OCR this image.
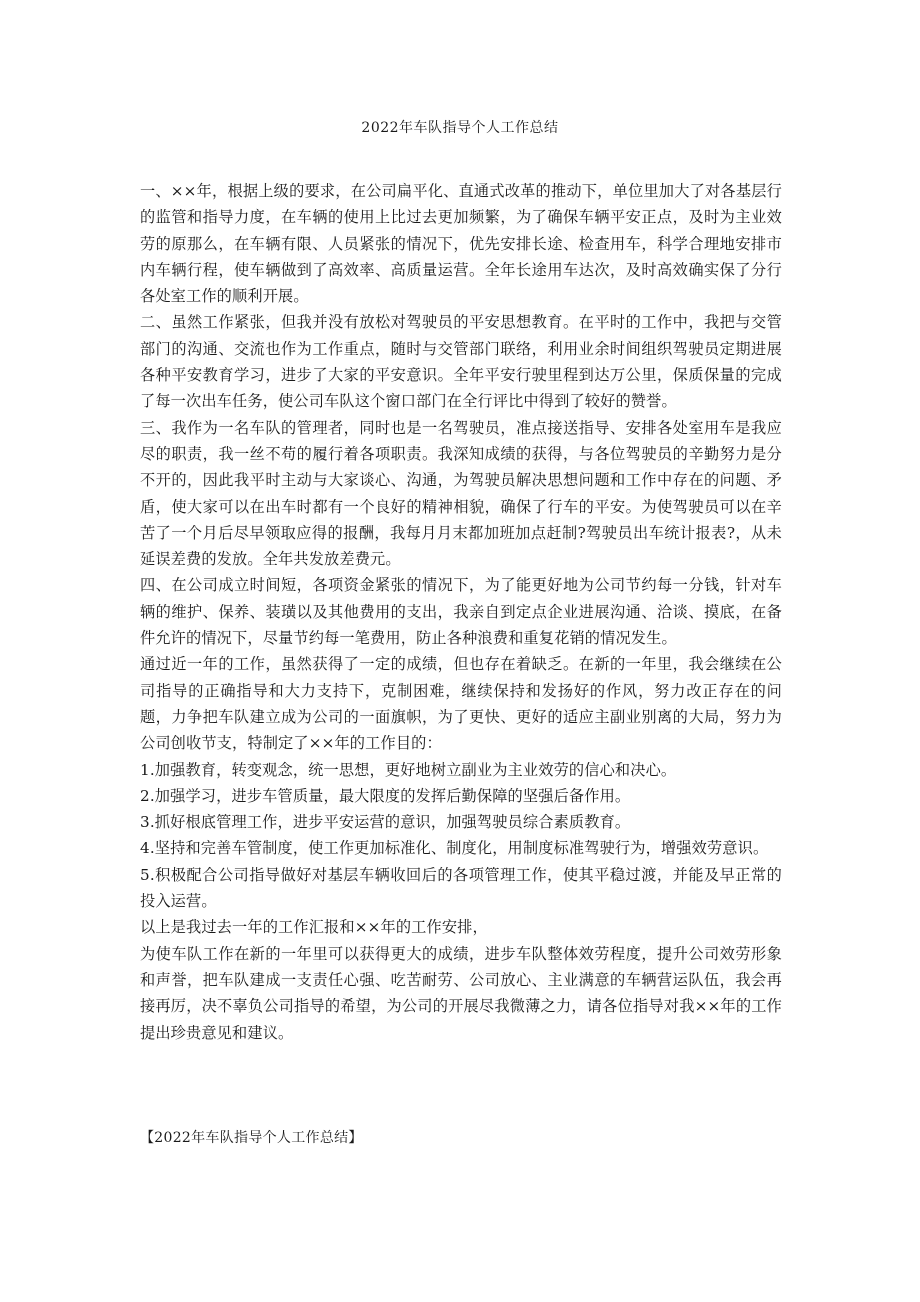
2022年车队指导个人工作总结

一、××年，根据上级的要求，在公司扁平化、直通式改革的推动下，单位里加大了对各基层行的监管和指导力度，在车辆的使用上比过去更加频繁，为了确保车辆平安正点，及时为主业效劳的原那么，在车辆有限、人员紧张的情况下，优先安排长途、检查用车，科学合理地安排市内车辆行程，使车辆做到了高效率、高质量运营。全年长途用车达次，及时高效确实保了分行各处室工作的顺利开展。

二、虽然工作紧张，但我并没有放松对驾驶员的平安思想教育。在平时的工作中，我把与交管部门的沟通、交流也作为工作重点，随时与交管部门联络，利用业余时间组织驾驶员定期进展各种平安教育学习，进步了大家的平安意识。全年平安行驶里程到达万公里，保质保量的完成了每一次出车任务，使公司车队这个窗口部门在全行评比中得到了较好的赞誉。

三、我作为一名车队的管理者，同时也是一名驾驶员，准点接送指导、安排各处室用车是我应尽的职责，我一丝不苟的履行着各项职责。我深知成绩的获得，与各位驾驶员的辛勤努力是分不开的，因此我平时主动与大家谈心、沟通，为驾驶员解决思想问题和工作中存在的问题、矛盾，使大家可以在出车时都有一个良好的精神相貌，确保了行车的平安。为使驾驶员可以在辛苦了一个月后尽早领取应得的报酬，我每月月末都加班加点赶制?驾驶员出车统计报表?，从未延误差费的发放。全年共发放差费元。

四、在公司成立时间短，各项资金紧张的情况下，为了能更好地为公司节约每一分钱，针对车辆的维护、保养、装璜以及其他费用的支出，我亲自到定点企业进展沟通、洽谈、摸底，在备件允许的情况下，尽量节约每一笔费用，防止各种浪费和重复花销的情况发生。

通过近一年的工作，虽然获得了一定的成绩，但也存在着缺乏。在新的一年里，我会继续在公司指导的正确指导和大力支持下，克制困难，继续保持和发扬好的作风，努力改正存在的问题，力争把车队建立成为公司的一面旗帜，为了更快、更好的适应主副业别离的大局，努力为公司创收节支，特制定了××年的工作目的：

1.加强教育，转变观念，统一思想，更好地树立副业为主业效劳的信心和决心。

2.加强学习，进步车管质量，最大限度的发挥后勤保障的坚强后备作用。

3.抓好根底管理工作，进步平安运营的意识，加强驾驶员综合素质教育。

4.坚持和完善车管制度，使工作更加标准化、制度化，用制度标准驾驶行为，增强效劳意识。

5.积极配合公司指导做好对基层车辆收回后的各项管理工作，使其平稳过渡，并能及早正常的投入运营。

以上是我过去一年的工作汇报和××年的工作安排，

为使车队工作在新的一年里可以获得更大的成绩，进步车队整体效劳程度，提升公司效劳形象和声誉，把车队建成一支责任心强、吃苦耐劳、公司放心、主业满意的车辆营运队伍，我会再接再厉，决不辜负公司指导的希望，为公司的开展尽我微薄之力，请各位指导对我××年的工作提出珍贵意见和建议。

【2022年车队指导个人工作总结】
